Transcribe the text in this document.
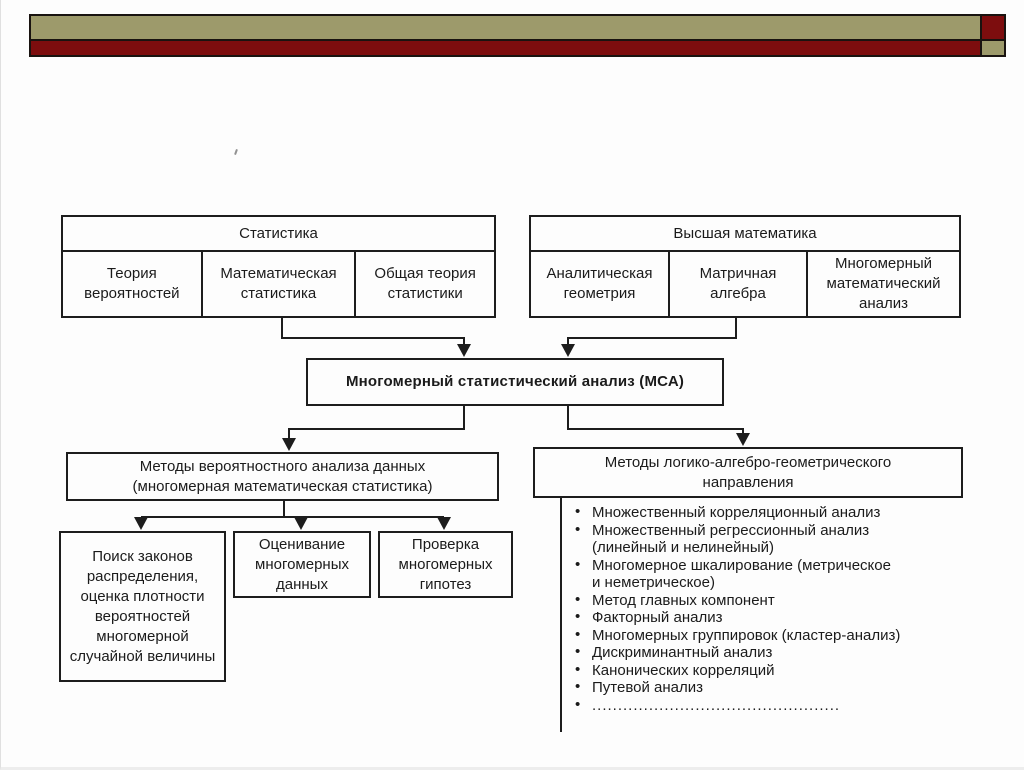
Статистика
Теория вероятностей
Математическая статистика
Общая теория статистики
Высшая математика
Аналитическая геометрия
Матричная алгебра
Многомерный математический анализ
Многомерный статистический анализ (МСА)
Методы вероятностного анализа данных (многомерная математическая статистика)
Поиск законов распределения, оценка плотности вероятностей многомерной случайной величины
Оценивание многомерных данных
Проверка многомерных гипотез
Методы логико-алгебро-геометрического направления
• Множественный корреляционный анализ
• Множественный регрессионный анализ (линейный и нелинейный)
• Многомерное шкалирование (метрическое и неметрическое)
• Метод главных компонент
• Факторный анализ
• Многомерных группировок (кластер-анализ)
• Дискриминантный анализ
• Канонических корреляций
• Путевой анализ
• ................................................
